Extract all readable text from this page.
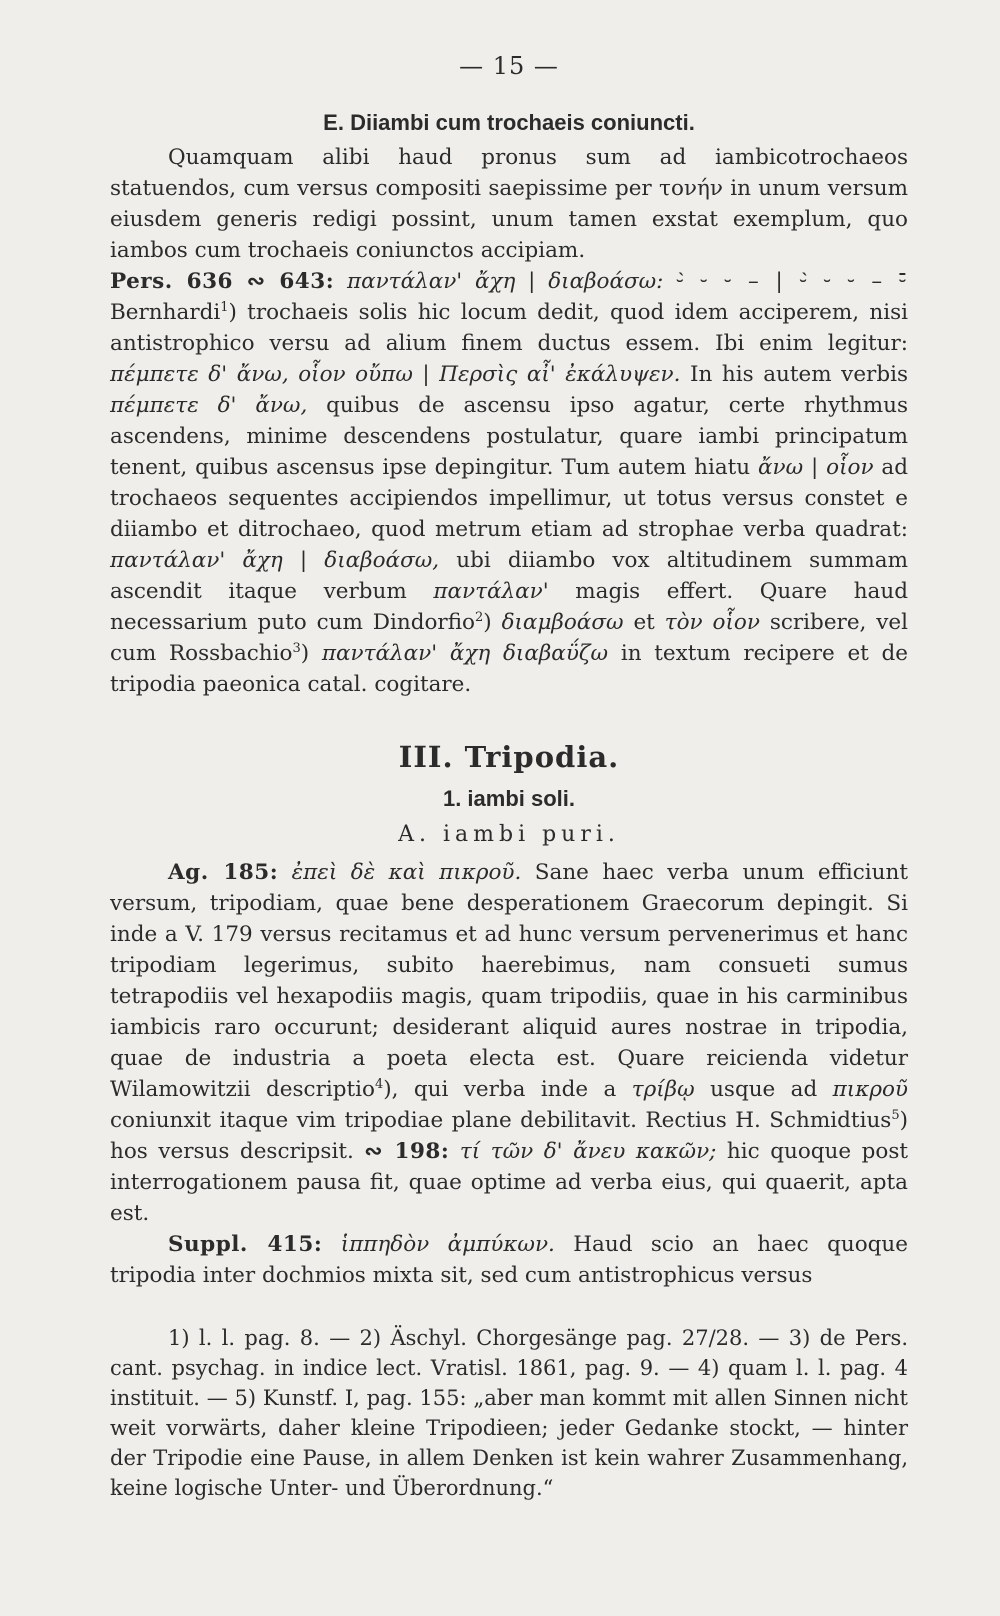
— 15 —
E. Diiambi cum trochaeis coniuncti.

Quamquam alibi haud pronus sum ad iambicotrochaeos statuendos, cum versus compositi saepissime per τονήν in unum versum eiusdem generis redigi possint, unum tamen exstat exemplum, quo iambos cum trochaeis coniunctos accipiam.

Pers. 636 ∾ 643: παντάλαν' ἄχη | διαβοάσω: ⏑́ ⏑ ⏑ – | ⏑́ ⏑ ⏑ – ⏑̄ Bernhardi$^1$) trochaeis solis hic locum dedit, quod idem acciperem, nisi antistrophico versu ad alium finem ductus essem. Ibi enim legitur: πέμπετε δ' ἄνω, οἷον οὔπω | Περσὶς αἶ' ἐκάλυψεν. In his autem verbis πέμπετε δ' ἄνω, quibus de ascensu ipso agatur, certe rhythmus ascendens, minime descendens postulatur, quare iambi principatum tenent, quibus ascensus ipse depingitur. Tum autem hiatu ἄνω | οἷον ad trochaeos sequentes accipiendos impellimur, ut totus versus constet e diiambo et ditrochaeo, quod metrum etiam ad strophae verba quadrat: παντάλαν' ἄχη | διαβοάσω, ubi diiambo vox altitudinem summam ascendit itaque verbum παντάλαν' magis effert. Quare haud necessarium puto cum Dindorfio$^2$) διαμβοάσω et τὸν οἷον scribere, vel cum Rossbachio$^3$) παντάλαν' ἄχη διαβαΰζω in textum recipere et de tripodia paeonica catal. cogitare.

III. Tripodia.
1. iambi soli.
A. iambi puri.

Ag. 185: ἐπεὶ δὲ καὶ πικροῦ. Sane haec verba unum efficiunt versum, tripodiam, quae bene desperationem Graecorum depingit. Si inde a V. 179 versus recitamus et ad hunc versum pervenerimus et hanc tripodiam legerimus, subito haerebimus, nam consueti sumus tetrapodiis vel hexapodiis magis, quam tripodiis, quae in his carminibus iambicis raro occurunt; desiderant aliquid aures nostrae in tripodia, quae de industria a poeta electa est. Quare reicienda videtur Wilamowitzii descriptio$^4$), qui verba inde a τρίβῳ usque ad πικροῦ coniunxit itaque vim tripodiae plane debilitavit. Rectius H. Schmidtius$^5$) hos versus descripsit. ∾ 198: τί τῶν δ' ἄνευ κακῶν; hic quoque post interrogationem pausa fit, quae optime ad verba eius, qui quaerit, apta est.

Suppl. 415: ἱππηδὸν ἀμπύκων. Haud scio an haec quoque tripodia inter dochmios mixta sit, sed cum antistrophicus versus

1) l. l. pag. 8. — 2) Äschyl. Chorgesänge pag. 27/28. — 3) de Pers. cant. psychag. in indice lect. Vratisl. 1861, pag. 9. — 4) quam l. l. pag. 4 instituit. — 5) Kunstf. I, pag. 155: „aber man kommt mit allen Sinnen nicht weit vorwärts, daher kleine Tripodieen; jeder Gedanke stockt, — hinter der Tripodie eine Pause, in allem Denken ist kein wahrer Zusammenhang, keine logische Unter- und Überordnung.“
